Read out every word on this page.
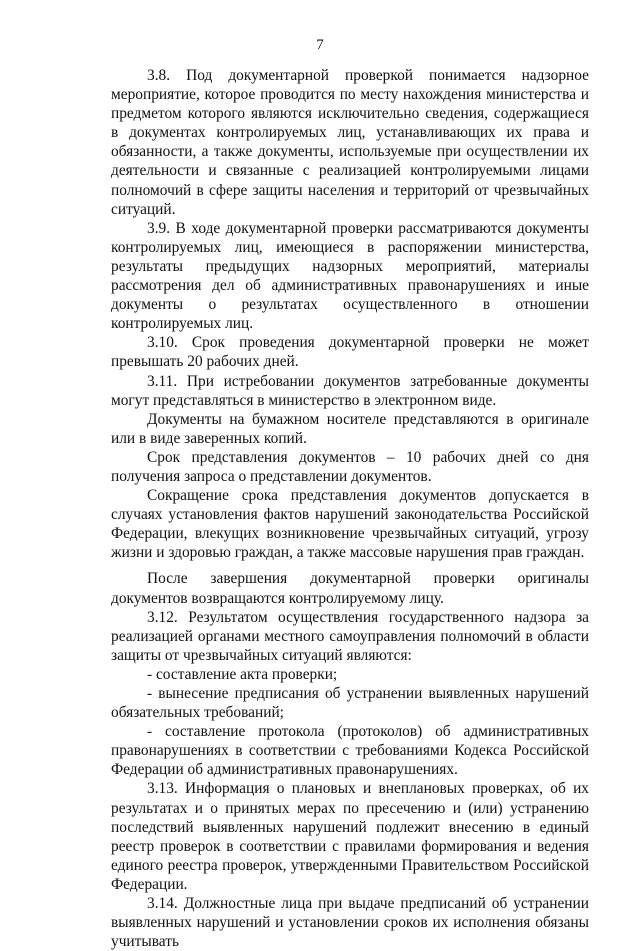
7

3.8. Под документарной проверкой понимается надзорное мероприятие, которое проводится по месту нахождения министерства и предметом которого являются исключительно сведения, содержащиеся в документах контролируемых лиц, устанавливающих их права и обязанности, а также документы, используемые при осуществлении их деятельности и связанные с реализацией контролируемыми лицами полномочий в сфере защиты населения и территорий от чрезвычайных ситуаций.

3.9. В ходе документарной проверки рассматриваются документы контролируемых лиц, имеющиеся в распоряжении министерства, результаты предыдущих надзорных мероприятий, материалы рассмотрения дел об административных правонарушениях и иные документы о результатах осуществленного в отношении контролируемых лиц.

3.10. Срок проведения документарной проверки не может превышать 20 рабочих дней.

3.11. При истребовании документов затребованные документы могут представляться в министерство в электронном виде.

Документы на бумажном носителе представляются в оригинале или в виде заверенных копий.

Срок представления документов – 10 рабочих дней со дня получения запроса о представлении документов.

Сокращение срока представления документов допускается в случаях установления фактов нарушений законодательства Российской Федерации, влекущих возникновение чрезвычайных ситуаций, угрозу жизни и здоровью граждан, а также массовые нарушения прав граждан.

После завершения документарной проверки оригиналы документов возвращаются контролируемому лицу.

3.12. Результатом осуществления государственного надзора за реализацией органами местного самоуправления полномочий в области защиты от чрезвычайных ситуаций являются:

- составление акта проверки;

- вынесение предписания об устранении выявленных нарушений обязательных требований;

- составление протокола (протоколов) об административных правонарушениях в соответствии с требованиями Кодекса Российской Федерации об административных правонарушениях.

3.13. Информация о плановых и внеплановых проверках, об их результатах и о принятых мерах по пресечению и (или) устранению последствий выявленных нарушений подлежит внесению в единый реестр проверок в соответствии с правилами формирования и ведения единого реестра проверок, утвержденными Правительством Российской Федерации.

3.14. Должностные лица при выдаче предписаний об устранении выявленных нарушений и установлении сроков их исполнения обязаны учитывать
